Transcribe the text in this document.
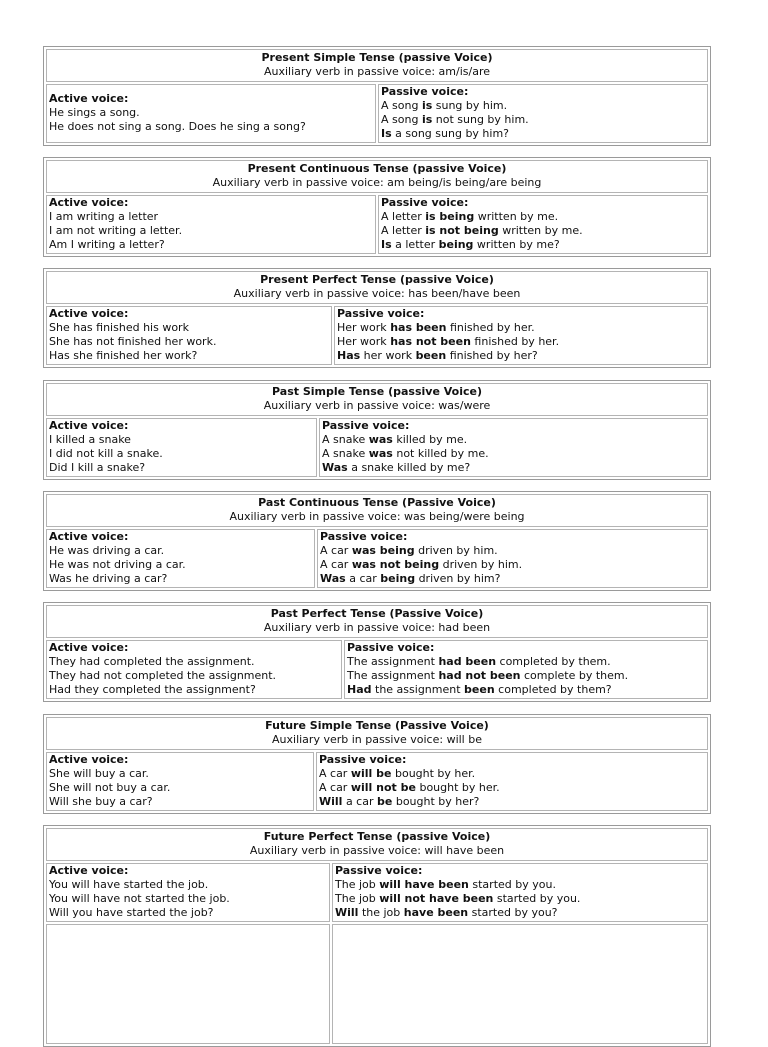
Present Simple Tense (passive Voice)
Auxiliary verb in passive voice: am/is/are
Active voice:
He sings a song.
He does not sing a song. Does he sing a song?
Passive voice:
A song is sung by him.
A song is not sung by him.
Is a song sung by him?
Present Continuous Tense (passive Voice)
Auxiliary verb in passive voice: am being/is being/are being
Active voice:
I am writing a letter
I am not writing a letter.
Am I writing a letter?
Passive voice:
A letter is being written by me.
A letter is not being written by me.
Is a letter being written by me?
Present Perfect Tense (passive Voice)
Auxiliary verb in passive voice: has been/have been
Active voice:
She has finished his work
She has not finished her work.
Has she finished her work?
Passive voice:
Her work has been finished by her.
Her work has not been finished by her.
Has her work been finished by her?
Past Simple Tense (passive Voice)
Auxiliary verb in passive voice: was/were
Active voice:
I killed a snake
I did not kill a snake.
Did I kill a snake?
Passive voice:
A snake was killed by me.
A snake was not killed by me.
Was a snake killed by me?
Past Continuous Tense (Passive Voice)
Auxiliary verb in passive voice: was being/were being
Active voice:
He was driving a car.
He was not driving a car.
Was he driving a car?
Passive voice:
A car was being driven by him.
A car was not being driven by him.
Was a car being driven by him?
Past Perfect Tense (Passive Voice)
Auxiliary verb in passive voice: had been
Active voice:
They had completed the assignment.
They had not completed the assignment.
Had they completed the assignment?
Passive voice:
The assignment had been completed by them.
The assignment had not been complete by them.
Had the assignment been completed by them?
Future Simple Tense (Passive Voice)
Auxiliary verb in passive voice: will be
Active voice:
She will buy a car.
She will not buy a car.
Will she buy a car?
Passive voice:
A car will be bought by her.
A car will not be bought by her.
Will a car be bought by her?
Future Perfect Tense (passive Voice)
Auxiliary verb in passive voice: will have been
Active voice:
You will have started the job.
You will have not started the job.
Will you have started the job?
Passive voice:
The job will have been started by you.
The job will not have been started by you.
Will the job have been started by you?
